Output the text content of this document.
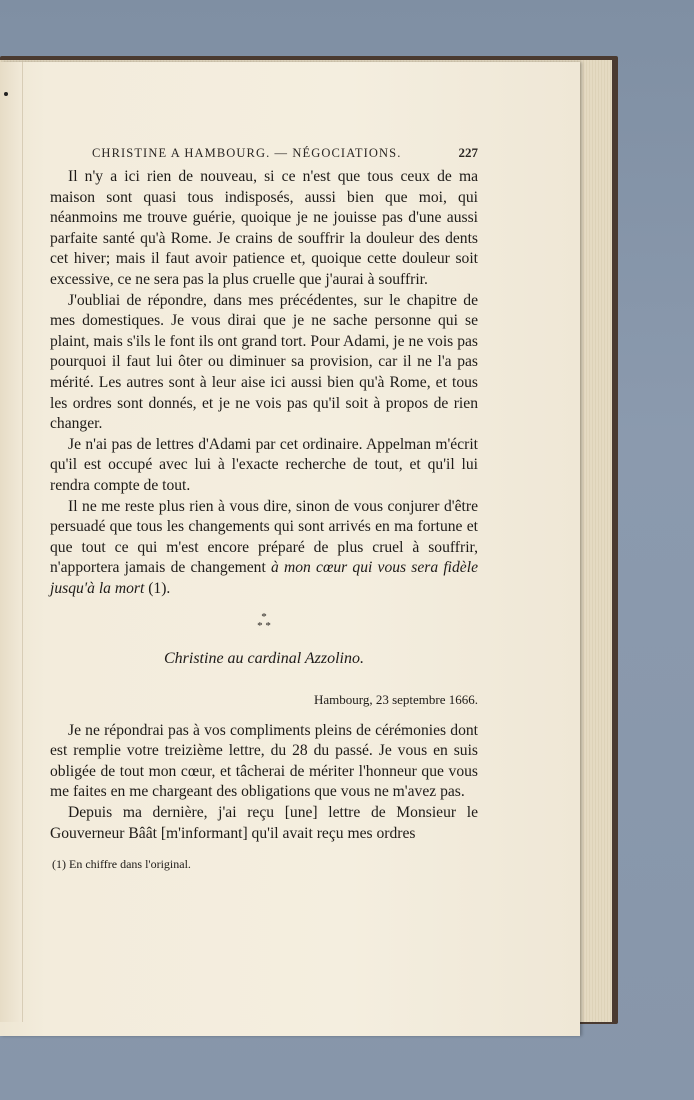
CHRISTINE A HAMBOURG. — NÉGOCIATIONS.	227

Il n'y a ici rien de nouveau, si ce n'est que tous ceux de ma maison sont quasi tous indisposés, aussi bien que moi, qui néanmoins me trouve guérie, quoique je ne jouisse pas d'une aussi parfaite santé qu'à Rome. Je crains de souffrir la douleur des dents cet hiver; mais il faut avoir patience et, quoique cette douleur soit excessive, ce ne sera pas la plus cruelle que j'aurai à souffrir.

J'oubliai de répondre, dans mes précédentes, sur le chapitre de mes domestiques. Je vous dirai que je ne sache personne qui se plaint, mais s'ils le font ils ont grand tort. Pour Adami, je ne vois pas pourquoi il faut lui ôter ou diminuer sa provision, car il ne l'a pas mérité. Les autres sont à leur aise ici aussi bien qu'à Rome, et tous les ordres sont donnés, et je ne vois pas qu'il soit à propos de rien changer.

Je n'ai pas de lettres d'Adami par cet ordinaire. Appelman m'écrit qu'il est occupé avec lui à l'exacte recherche de tout, et qu'il lui rendra compte de tout.

Il ne me reste plus rien à vous dire, sinon de vous conjurer d'être persuadé que tous les changements qui sont arrivés en ma fortune et que tout ce qui m'est encore préparé de plus cruel à souffrir, n'apportera jamais de changement à mon cœur qui vous sera fidèle jusqu'à la mort (1).

*
* *
Christine au cardinal Azzolino.
Hambourg, 23 septembre 1666.

Je ne répondrai pas à vos compliments pleins de cérémonies dont est remplie votre treizième lettre, du 28 du passé. Je vous en suis obligée de tout mon cœur, et tâcherai de mériter l'honneur que vous me faites en me chargeant des obligations que vous ne m'avez pas.

Depuis ma dernière, j'ai reçu [une] lettre de Monsieur le Gouverneur Bâât [m'informant] qu'il avait reçu mes ordres

(1) En chiffre dans l'original.
